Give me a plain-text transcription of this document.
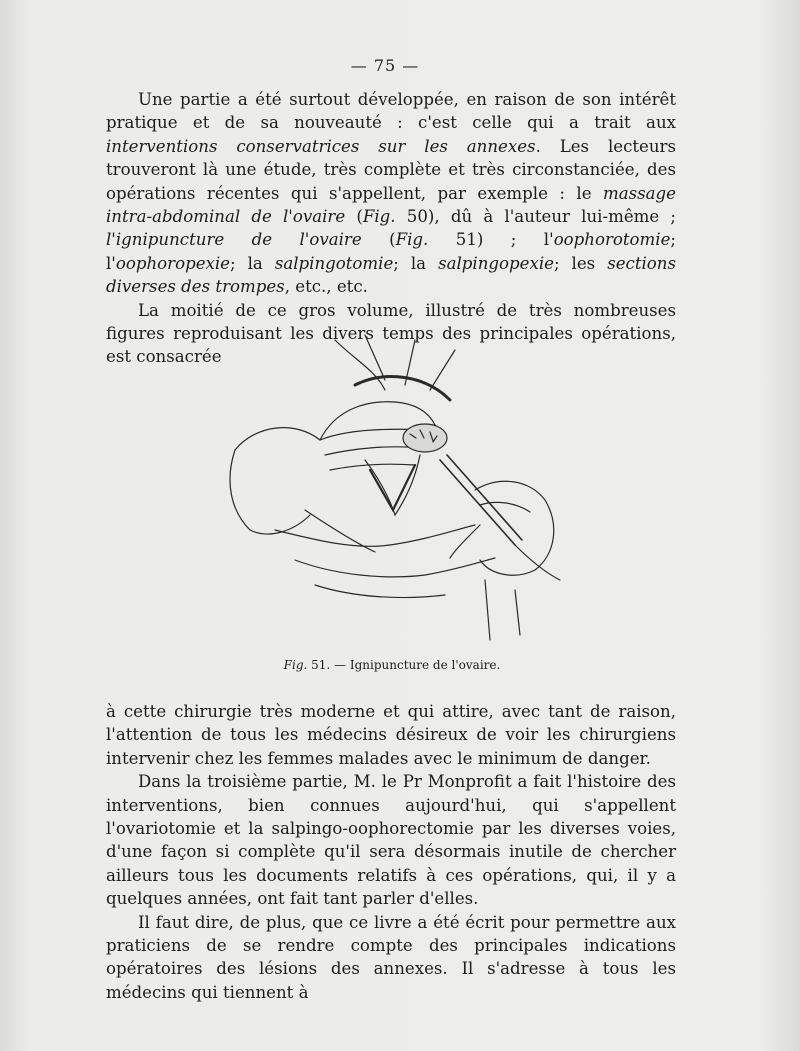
— 75 —

Une partie a été surtout développée, en raison de son intérêt pratique et de sa nouveauté : c'est celle qui a trait aux interventions conservatrices sur les annexes. Les lecteurs trouveront là une étude, très complète et très circonstanciée, des opérations récentes qui s'appellent, par exemple : le massage intra-abdominal de l'ovaire (Fig. 50), dû à l'auteur lui-même ; l'ignipuncture de l'ovaire (Fig. 51) ; l'oophorotomie; l'oophoropexie; la salpingotomie; la salpingopexie; les sections diverses des trompes, etc., etc.

La moitié de ce gros volume, illustré de très nombreuses figures reproduisant les divers temps des principales opérations, est consacrée

Fig. 51. — Ignipuncture de l'ovaire.

à cette chirurgie très moderne et qui attire, avec tant de raison, l'attention de tous les médecins désireux de voir les chirurgiens intervenir chez les femmes malades avec le minimum de danger.

Dans la troisième partie, M. le Pr Monprofit a fait l'histoire des interventions, bien connues aujourd'hui, qui s'appellent l'ovariotomie et la salpingo-oophorectomie par les diverses voies, d'une façon si complète qu'il sera désormais inutile de chercher ailleurs tous les documents relatifs à ces opérations, qui, il y a quelques années, ont fait tant parler d'elles.

Il faut dire, de plus, que ce livre a été écrit pour permettre aux praticiens de se rendre compte des principales indications opératoires des lésions des annexes. Il s'adresse à tous les médecins qui tiennent à
